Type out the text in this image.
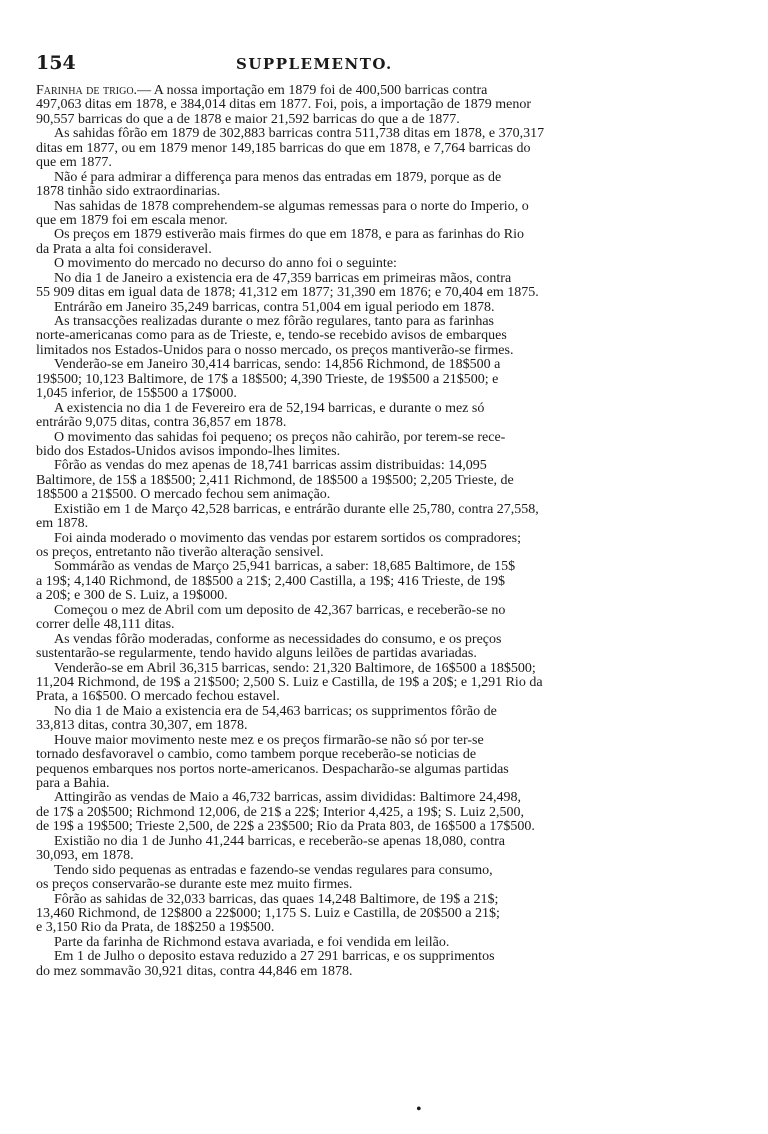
154	SUPPLEMENTO.
Farinha de trigo.— A nossa importação em 1879 foi de 400,500 barricas contra
497,063 ditas em 1878, e 384,014 ditas em 1877. Foi, pois, a importação de 1879 menor
90,557 barricas do que a de 1878 e maior 21,592 barricas do que a de 1877.
As sahidas fôrão em 1879 de 302,883 barricas contra 511,738 ditas em 1878, e 370,317
ditas em 1877, ou em 1879 menor 149,185 barricas do que em 1878, e 7,764 barricas do
que em 1877.
Não é para admirar a differença para menos das entradas em 1879, porque as de
1878 tinhão sido extraordinarias.
Nas sahidas de 1878 comprehendem-se algumas remessas para o norte do Imperio, o
que em 1879 foi em escala menor.
Os preços em 1879 estiverão mais firmes do que em 1878, e para as farinhas do Rio
da Prata a alta foi consideravel.
O movimento do mercado no decurso do anno foi o seguinte:
No dia 1 de Janeiro a existencia era de 47,359 barricas em primeiras mãos, contra
55 909 ditas em igual data de 1878; 41,312 em 1877; 31,390 em 1876; e 70,404 em 1875.
Entrárão em Janeiro 35,249 barricas, contra 51,004 em igual periodo em 1878.
As transacções realizadas durante o mez fôrão regulares, tanto para as farinhas
norte-americanas como para as de Trieste, e, tendo-se recebido avisos de embarques
limitados nos Estados-Unidos para o nosso mercado, os preços mantiverão-se firmes.
Venderão-se em Janeiro 30,414 barricas, sendo: 14,856 Richmond, de 18$500 a
19$500; 10,123 Baltimore, de 17$ a 18$500; 4,390 Trieste, de 19$500 a 21$500; e
1,045 inferior, de 15$500 a 17$000.
A existencia no dia 1 de Fevereiro era de 52,194 barricas, e durante o mez só
entrárão 9,075 ditas, contra 36,857 em 1878.
O movimento das sahidas foi pequeno; os preços não cahirão, por terem-se rece-
bido dos Estados-Unidos avisos impondo-lhes limites.
Fôrão as vendas do mez apenas de 18,741 barricas assim distribuidas: 14,095
Baltimore, de 15$ a 18$500; 2,411 Richmond, de 18$500 a 19$500; 2,205 Trieste, de
18$500 a 21$500. O mercado fechou sem animação.
Existião em 1 de Março 42,528 barricas, e entrárão durante elle 25,780, contra 27,558,
em 1878.
Foi ainda moderado o movimento das vendas por estarem sortidos os compradores;
os preços, entretanto não tiverão alteração sensivel.
Sommárão as vendas de Março 25,941 barricas, a saber: 18,685 Baltimore, de 15$
a 19$; 4,140 Richmond, de 18$500 a 21$; 2,400 Castilla, a 19$; 416 Trieste, de 19$
a 20$; e 300 de S. Luiz, a 19$000.
Começou o mez de Abril com um deposito de 42,367 barricas, e receberão-se no
correr delle 48,111 ditas.
As vendas fôrão moderadas, conforme as necessidades do consumo, e os preços
sustentarão-se regularmente, tendo havido alguns leilões de partidas avariadas.
Venderão-se em Abril 36,315 barricas, sendo: 21,320 Baltimore, de 16$500 a 18$500;
11,204 Richmond, de 19$ a 21$500; 2,500 S. Luiz e Castilla, de 19$ a 20$; e 1,291 Rio da
Prata, a 16$500. O mercado fechou estavel.
No dia 1 de Maio a existencia era de 54,463 barricas; os supprimentos fôrão de
33,813 ditas, contra 30,307, em 1878.
Houve maior movimento neste mez e os preços firmarão-se não só por ter-se
tornado desfavoravel o cambio, como tambem porque receberão-se noticias de
pequenos embarques nos portos norte-americanos. Despacharão-se algumas partidas
para a Bahia.
Attingirão as vendas de Maio a 46,732 barricas, assim divididas: Baltimore 24,498,
de 17$ a 20$500; Richmond 12,006, de 21$ a 22$; Interior 4,425, a 19$; S. Luiz 2,500,
de 19$ a 19$500; Trieste 2,500, de 22$ a 23$500; Rio da Prata 803, de 16$500 a 17$500.
Existião no dia 1 de Junho 41,244 barricas, e receberão-se apenas 18,080, contra
30,093, em 1878.
Tendo sido pequenas as entradas e fazendo-se vendas regulares para consumo,
os preços conservarão-se durante este mez muito firmes.
Fôrão as sahidas de 32,033 barricas, das quaes 14,248 Baltimore, de 19$ a 21$;
13,460 Richmond, de 12$800 a 22$000; 1,175 S. Luiz e Castilla, de 20$500 a 21$;
e 3,150 Rio da Prata, de 18$250 a 19$500.
Parte da farinha de Richmond estava avariada, e foi vendida em leilão.
Em 1 de Julho o deposito estava reduzido a 27 291 barricas, e os supprimentos
do mez sommavão 30,921 ditas, contra 44,846 em 1878.
•
